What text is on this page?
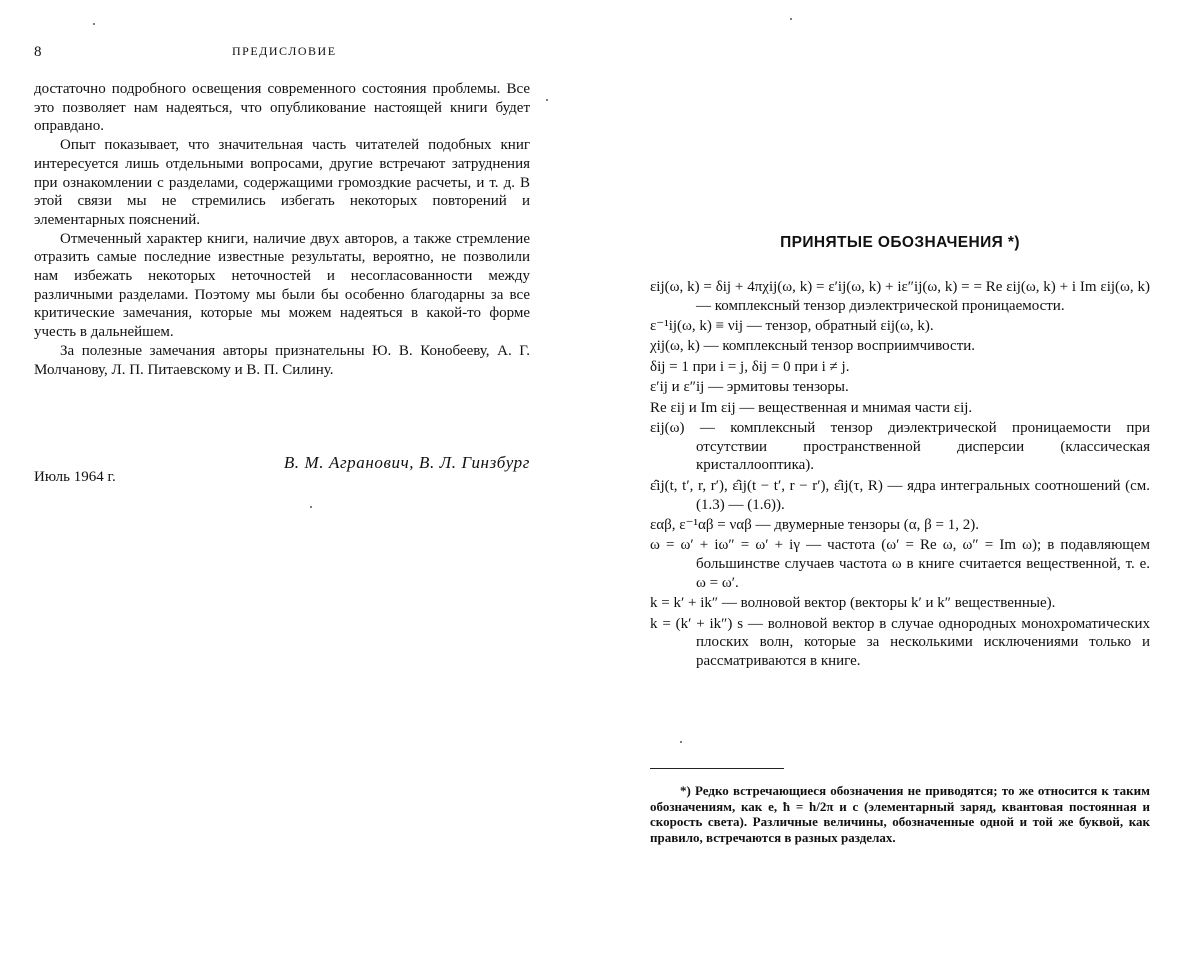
8	ПРЕДИСЛОВИЕ

достаточно подробного освещения современного состояния проблемы. Все это позволяет нам надеяться, что опубликование настоящей книги будет оправдано.

Опыт показывает, что значительная часть читателей подобных книг интересуется лишь отдельными вопросами, другие встречают затруднения при ознакомлении с разделами, содержащими громоздкие расчеты, и т. д. В этой связи мы не стремились избегать некоторых повторений и элементарных пояснений.

Отмеченный характер книги, наличие двух авторов, а также стремление отразить самые последние известные результаты, вероятно, не позволили нам избежать некоторых неточностей и несогласованности между различными разделами. Поэтому мы были бы особенно благодарны за все критические замечания, которые мы можем надеяться в какой-то форме учесть в дальнейшем.

За полезные замечания авторы признательны Ю. В. Конобееву, А. Г. Молчанову, Л. П. Питаевскому и В. П. Силину.

В. М. Агранович, В. Л. Гинзбург
Июль 1964 г.
ПРИНЯТЫЕ ОБОЗНАЧЕНИЯ *)

εij(ω, k) = δij + 4πχij(ω, k) = ε′ij(ω, k) + iε″ij(ω, k) = = Re εij(ω, k) + i Im εij(ω, k) — комплексный тензор диэлектрической проницаемости.

ε⁻¹ij(ω, k) ≡ νij — тензор, обратный εij(ω, k).

χij(ω, k) — комплексный тензор восприимчивости.

δij = 1 при i = j, δij = 0 при i ≠ j.

ε′ij и ε″ij — эрмитовы тензоры.

Re εij и Im εij — вещественная и мнимая части εij.

εij(ω) — комплексный тензор диэлектрической проницаемости при отсутствии пространственной дисперсии (классическая кристаллооптика).

ε̂ij(t, t′, r, r′), ε̂ij(t − t′, r − r′), ε̂ij(τ, R) — ядра интегральных соотношений (см. (1.3) — (1.6)).

εαβ, ε⁻¹αβ = ναβ — двумерные тензоры (α, β = 1, 2).

ω = ω′ + iω″ = ω′ + iγ — частота (ω′ = Re ω, ω″ = Im ω); в подавляющем большинстве случаев частота ω в книге считается вещественной, т. е. ω = ω′.

k = k′ + ik″ — волновой вектор (векторы k′ и k″ вещественные).

k = (k′ + ik″) s — волновой вектор в случае однородных монохроматических плоских волн, которые за несколькими исключениями только и рассматриваются в книге.

*) Редко встречающиеся обозначения не приводятся; то же относится к таким обозначениям, как e, ħ = h/2π и c (элементарный заряд, квантовая постоянная и скорость света). Различные величины, обозначенные одной и той же буквой, как правило, встречаются в разных разделах.
